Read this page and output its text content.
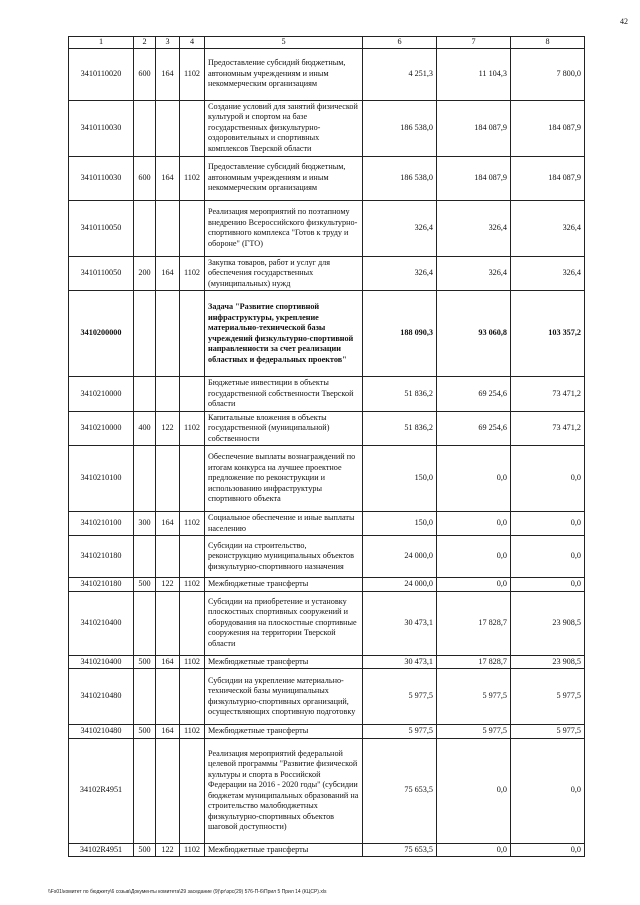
42
1	2	3	4	5	6	7	8
3410110020	600	164	1102	Предоставление субсидий бюджетным, автономным учреждениям и иным некоммерческим организациям	4 251,3	11 104,3	7 800,0
3410110030				Создание условий для занятий физической культурой и спортом на базе государственных физкультурно-оздоровительных и спортивных комплексов Тверской области	186 538,0	184 087,9	184 087,9
3410110030	600	164	1102	Предоставление субсидий бюджетным, автономным учреждениям и иным некоммерческим организациям	186 538,0	184 087,9	184 087,9
3410110050				Реализация мероприятий по поэтапному внедрению Всероссийского физкультурно-спортивного комплекса "Готов к труду и обороне" (ГТО)	326,4	326,4	326,4
3410110050	200	164	1102	Закупка товаров, работ и услуг для обеспечения государственных (муниципальных) нужд	326,4	326,4	326,4
3410200000				Задача "Развитие спортивной инфраструктуры, укрепление материально-технической базы учреждений физкультурно-спортивной направленности за счет реализации областных и федеральных проектов"	188 090,3	93 060,8	103 357,2
3410210000				Бюджетные инвестиции в объекты государственной собственности Тверской области	51 836,2	69 254,6	73 471,2
3410210000	400	122	1102	Капитальные вложения в объекты государственной (муниципальной) собственности	51 836,2	69 254,6	73 471,2
3410210100				Обеспечение выплаты вознаграждений по итогам конкурса на лучшее проектное предложение по реконструкции и использованию инфраструктуры спортивного объекта	150,0	0,0	0,0
3410210100	300	164	1102	Социальное обеспечение и иные выплаты населению	150,0	0,0	0,0
3410210180				Субсидии на строительство, реконструкцию муниципальных объектов физкультурно-спортивного назначения	24 000,0	0,0	0,0
3410210180	500	122	1102	Межбюджетные трансферты	24 000,0	0,0	0,0
3410210400				Субсидии на приобретение и установку плоскостных спортивных сооружений и оборудования на плоскостные спортивные сооружения на территории Тверской области	30 473,1	17 828,7	23 908,5
3410210400	500	164	1102	Межбюджетные трансферты	30 473,1	17 828,7	23 908,5
3410210480				Субсидии на укрепление материально-технической базы муниципальных физкультурно-спортивных организаций, осуществляющих спортивную подготовку	5 977,5	5 977,5	5 977,5
3410210480	500	164	1102	Межбюджетные трансферты	5 977,5	5 977,5	5 977,5
34102R4951				Реализация мероприятий федеральной целевой программы "Развитие физической культуры и спорта в Российской Федерации на 2016 - 2020 годы" (субсидии бюджетам муниципальных образований на строительство малобюджетных физкультурно-спортивных объектов шаговой доступности)	75 653,5	0,0	0,0
34102R4951	500	122	1102	Межбюджетные трансферты	75 653,5	0,0	0,0
\\Fs01\комитет по бюджету\6 созыв\Документы комитета\29 заседание (9)\рг\зрс(29) 576-П-6\Прил 5 Прил 14 (КЦСР).xls
